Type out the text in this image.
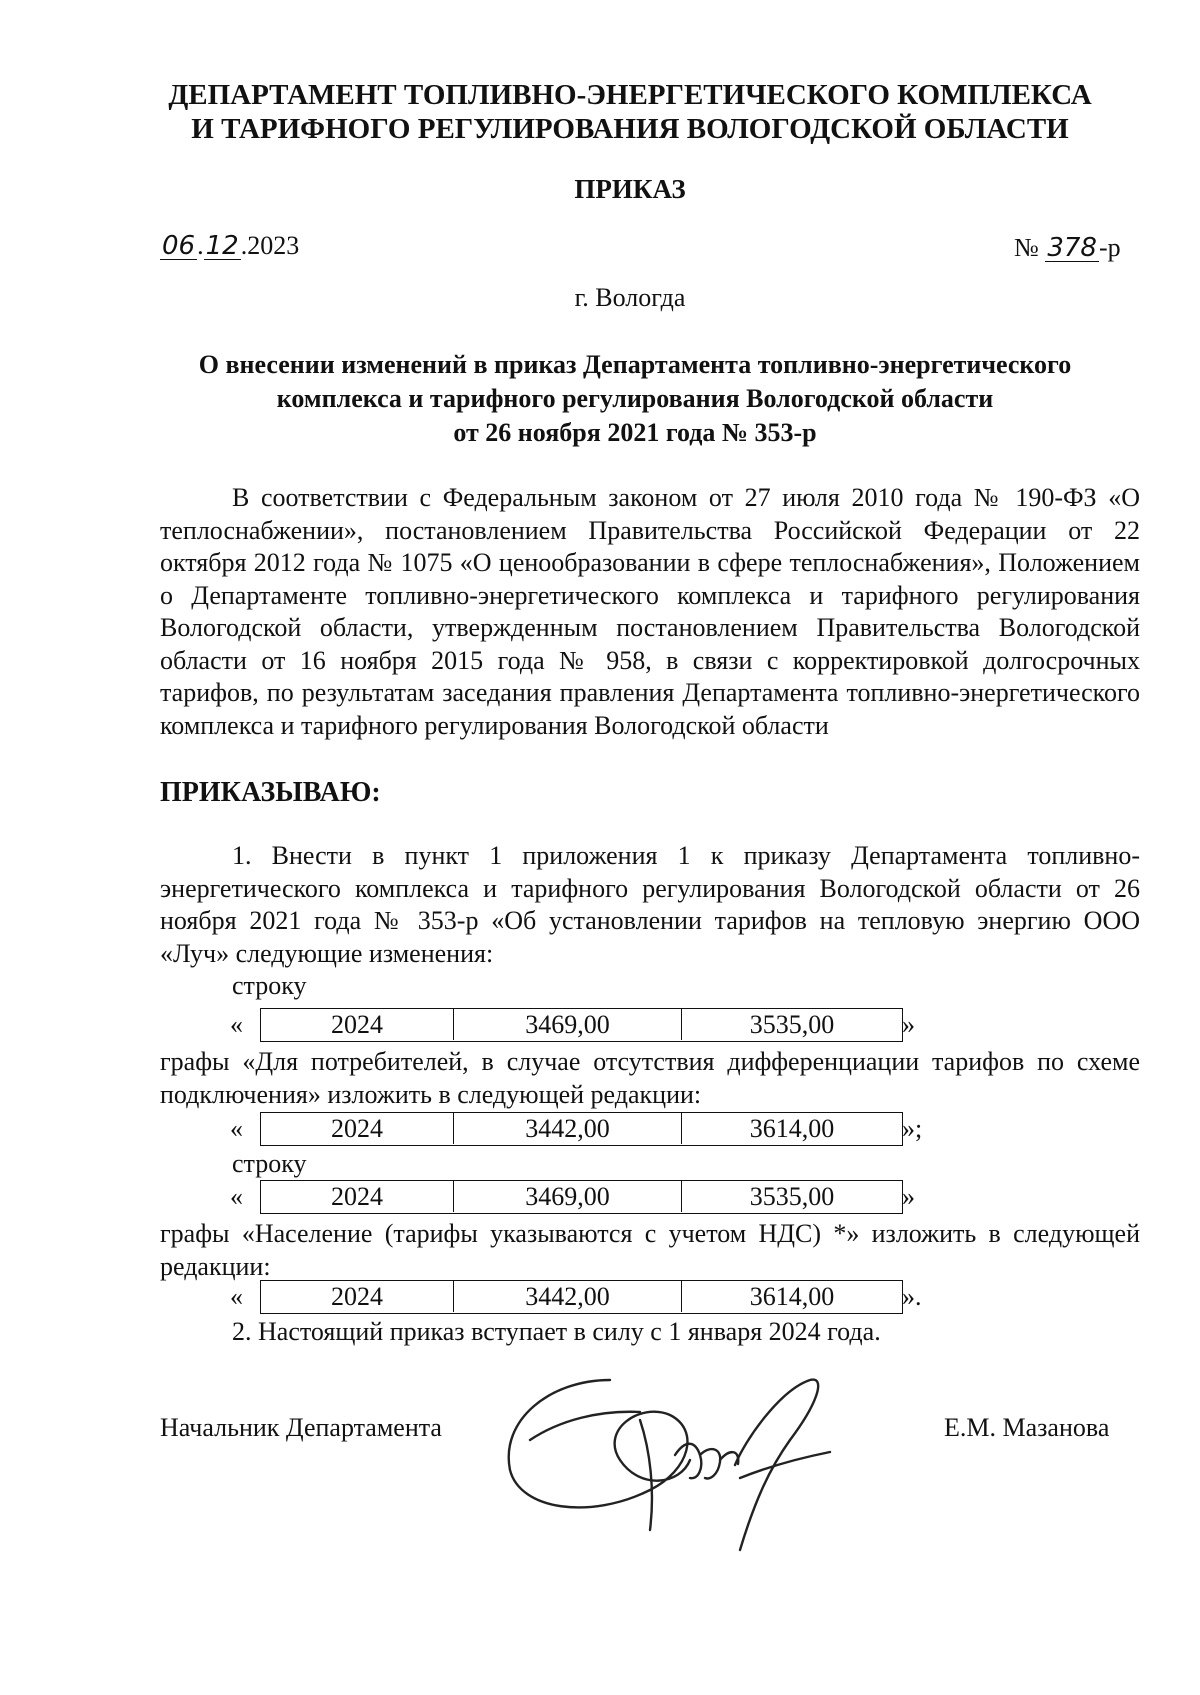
ДЕПАРТАМЕНТ ТОПЛИВНО-ЭНЕРГЕТИЧЕСКОГО КОМПЛЕКСА
И ТАРИФНОГО РЕГУЛИРОВАНИЯ ВОЛОГОДСКОЙ ОБЛАСТИ
ПРИКАЗ
06.12.2023	№ 378-р
г. Вологда
О внесении изменений в приказ Департамента топливно-энергетического
комплекса и тарифного регулирования Вологодской области
от 26 ноября 2021 года № 353-р
В соответствии с Федеральным законом от 27 июля 2010 года № 190-ФЗ «О теплоснабжении», постановлением Правительства Российской Федерации от 22 октября 2012 года № 1075 «О ценообразовании в сфере теплоснабжения», Положением о Департаменте топливно-энергетического комплекса и тарифного регулирования Вологодской области, утвержденным постановлением Правительства Вологодской области от 16 ноября 2015 года № 958, в связи с корректировкой долгосрочных тарифов, по результатам заседания правления Департамента топливно-энергетического комплекса и тарифного регулирования Вологодской области
ПРИКАЗЫВАЮ:
1. Внести в пункт 1 приложения 1 к приказу Департамента топливно-энергетического комплекса и тарифного регулирования Вологодской области от 26 ноября 2021 года № 353-р «Об установлении тарифов на тепловую энергию ООО «Луч» следующие изменения:
строку
«	2024	3469,00	3535,00	»
графы «Для потребителей, в случае отсутствия дифференциации тарифов по схеме подключения» изложить в следующей редакции:
«	2024	3442,00	3614,00	»;
строку
«	2024	3469,00	3535,00	»
графы «Население (тарифы указываются с учетом НДС) *» изложить в следующей редакции:
«	2024	3442,00	3614,00	».
2. Настоящий приказ вступает в силу с 1 января 2024 года.
Начальник Департамента	Е.М. Мазанова
